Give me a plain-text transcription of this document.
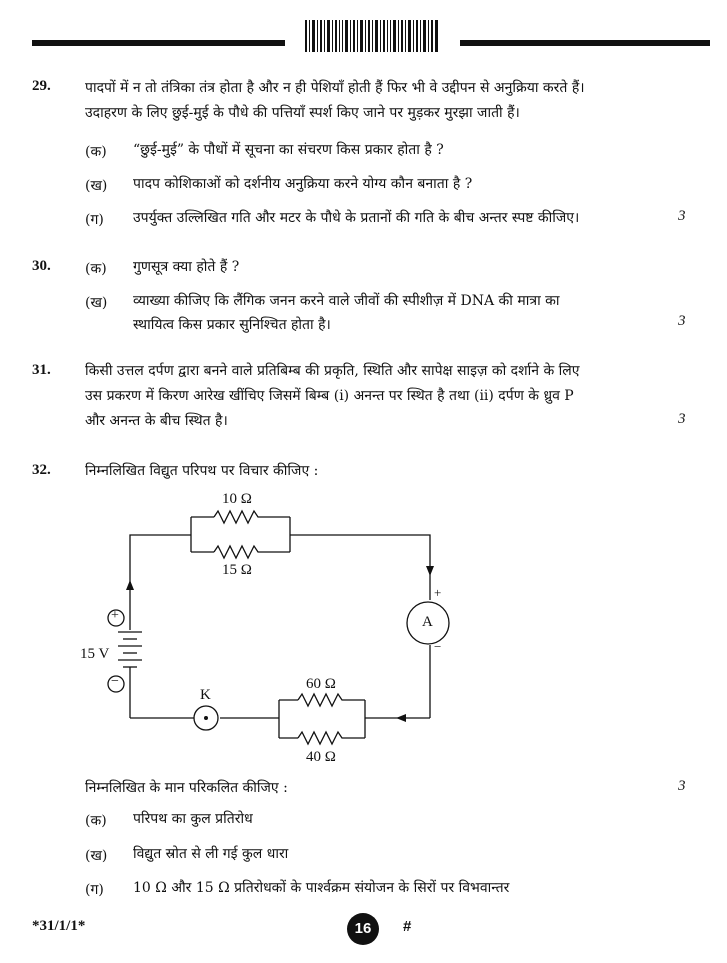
29. पादपों में न तो तंत्रिका तंत्र होता है और न ही पेशियाँ होती हैं फिर भी वे उद्दीपन से अनुक्रिया करते हैं।
उदाहरण के लिए छुई-मुई के पौधे की पत्तियाँ स्पर्श किए जाने पर मुड़कर मुरझा जाती हैं।
(क) “छुई-मुई” के पौधों में सूचना का संचरण किस प्रकार होता है ?
(ख) पादप कोशिकाओं को दर्शनीय अनुक्रिया करने योग्य कौन बनाता है ?
(ग) उपर्युक्त उल्लिखित गति और मटर के पौधे के प्रतानों की गति के बीच अन्तर स्पष्ट कीजिए।	3
30. (क) गुणसूत्र क्या होते हैं ?
(ख) व्याख्या कीजिए कि लैंगिक जनन करने वाले जीवों की स्पीशीज़ में DNA की मात्रा का
स्थायित्व किस प्रकार सुनिश्चित होता है।	3
31. किसी उत्तल दर्पण द्वारा बनने वाले प्रतिबिम्ब की प्रकृति, स्थिति और सापेक्ष साइज़ को दर्शाने के लिए
उस प्रकरण में किरण आरेख खींचिए जिसमें बिम्ब (i) अनन्त पर स्थित है तथा (ii) दर्पण के ध्रुव P
और अनन्त के बीच स्थित है।	3
32. निम्नलिखित विद्युत परिपथ पर विचार कीजिए :
10 Ω
15 Ω
60 Ω
40 Ω
15 V
+
−
A
+
−
K
निम्नलिखित के मान परिकलित कीजिए :	3
(क) परिपथ का कुल प्रतिरोध
(ख) विद्युत स्रोत से ली गई कुल धारा
(ग) 10 Ω और 15 Ω प्रतिरोधकों के पार्श्वक्रम संयोजन के सिरों पर विभवान्तर
*31/1/1*	16	#
